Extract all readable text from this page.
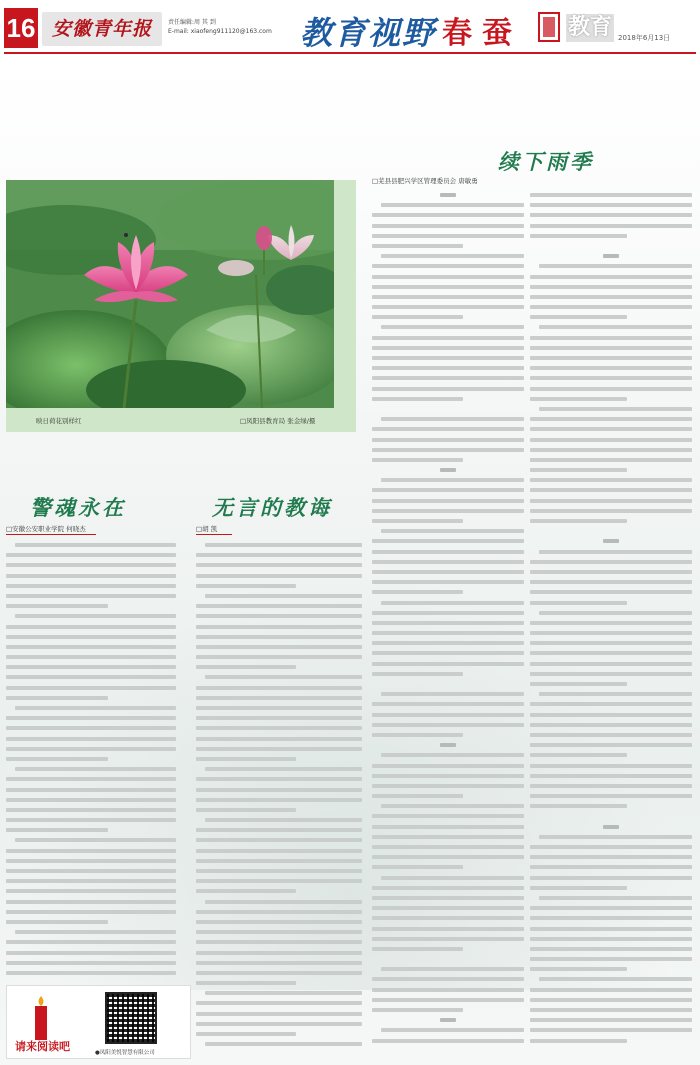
16 安徽青年报	责任编辑:周 其 到
E-mail: xiaofeng911120@163.com 教育视野 春蚕 教育 2018年6月13日
映日荷花别样红	□凤阳县教育局 张金绿/摄
续下雨季
□芜县县肥兴学区管理委员会 唐敏勇
警魂永在
□安徽公安职业学院 何晓杰
无言的教诲
□胡 凯
请来阅读吧	●凤阳美悦智慧有限公司
